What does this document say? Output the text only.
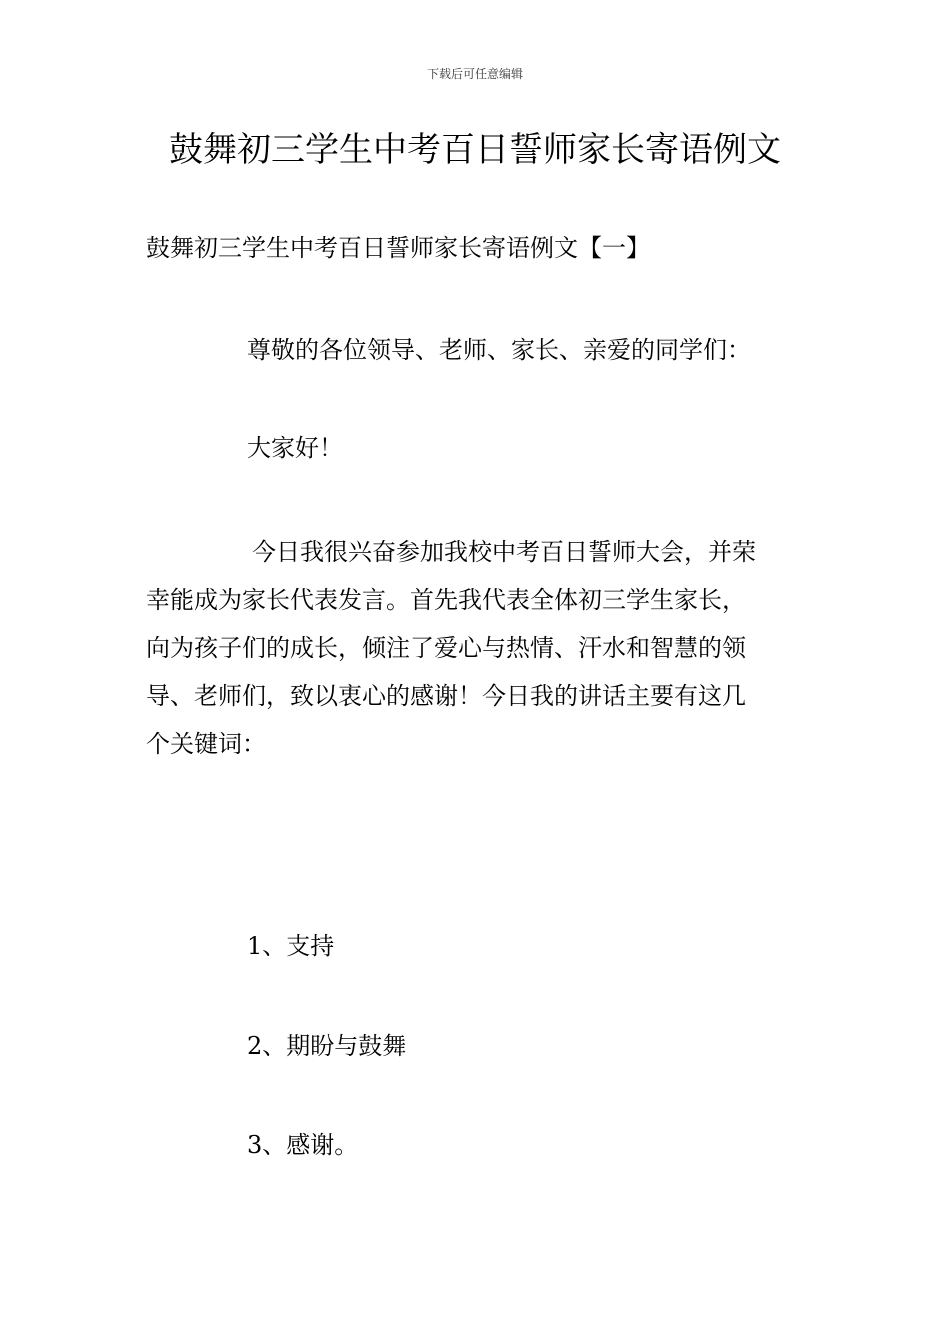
下载后可任意编辑
鼓舞初三学生中考百日誓师家长寄语例文
鼓舞初三学生中考百日誓师家长寄语例文【一】
尊敬的各位领导、老师、家长、亲爱的同学们：
大家好！
今日我很兴奋参加我校中考百日誓师大会，并荣
幸能成为家长代表发言。首先我代表全体初三学生家长，
向为孩子们的成长，倾注了爱心与热情、汗水和智慧的领
导、老师们，致以衷心的感谢！今日我的讲话主要有这几
个关键词：
1、支持
2、期盼与鼓舞
3、感谢。
